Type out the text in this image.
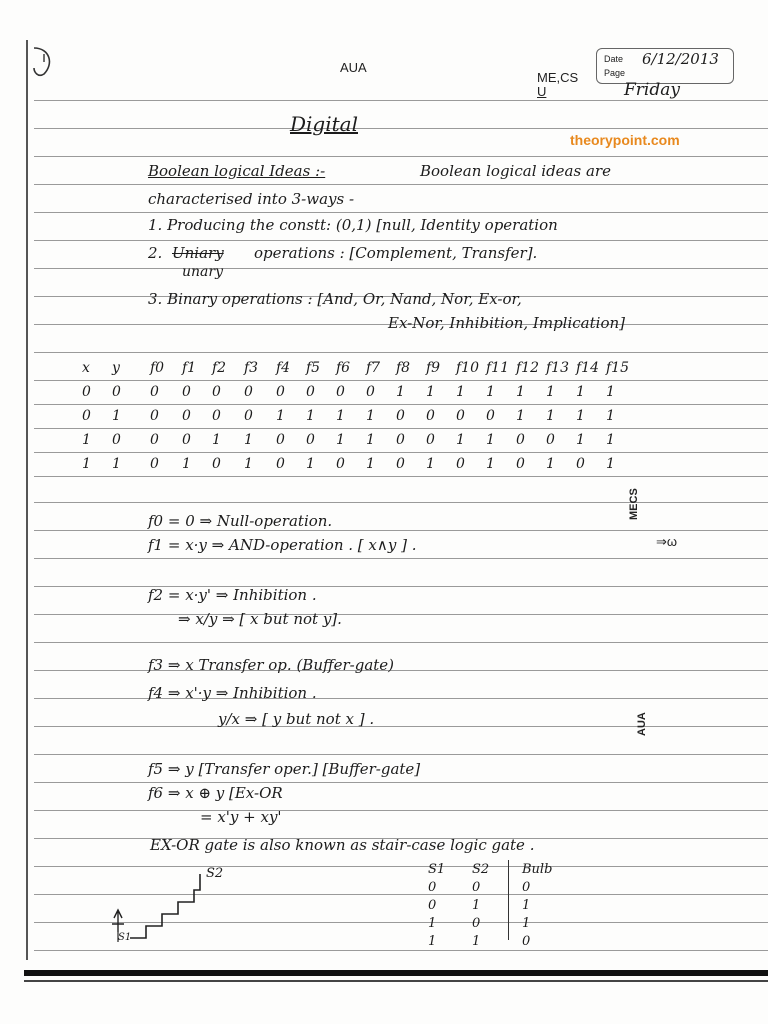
AUA
ME,CS
U
Date 6/12/2013
Page
Friday
theorypoint.com
Digital
Boolean logical Ideas :-	Boolean logical ideas are
characterised into 3-ways -
1. Producing the constt: (0,1) [null, Identity operation
2. Uniary operations : [Complement, Transfer].
unary
3. Binary operations : [And, Or, Nand, Nor, Ex-or,
Ex-Nor, Inhibition, Implication]
x y f0 f1 f2 f3 f4 f5 f6 f7 f8 f9 f10 f11 f12 f13 f14 f15
0 0 0 0 0 0 0 0 0 0 1 1 1 1 1 1 1 1
0 1 0 0 0 0 1 1 1 1 0 0 0 0 1 1 1 1
1 0 0 0 1 1 0 0 1 1 0 0 1 1 0 0 1 1
1 1 0 1 0 1 0 1 0 1 0 1 0 1 0 1 0 1
f0 = 0 ⇒ Null-operation.
f1 = x·y ⇒ AND-operation . [ x∧y ] .
f2 = x·y' ⇒ Inhibition .
⇒ x/y ⇒ [ x but not y].
f3 ⇒ x Transfer op. (Buffer-gate)
f4 ⇒ x'·y ⇒ Inhibition .
y/x ⇒ [ y but not x ] .
f5 ⇒ y [Transfer oper.] [Buffer-gate]
f6 ⇒ x ⊕ y [Ex-OR
= x'y + xy'
EX-OR gate is also known as stair-case logic gate .
MECS
⇒ω
AUA
S2
S1
S1 S2	Bulb
0	0	0
0	1	1
1	0	1
1	1	0
